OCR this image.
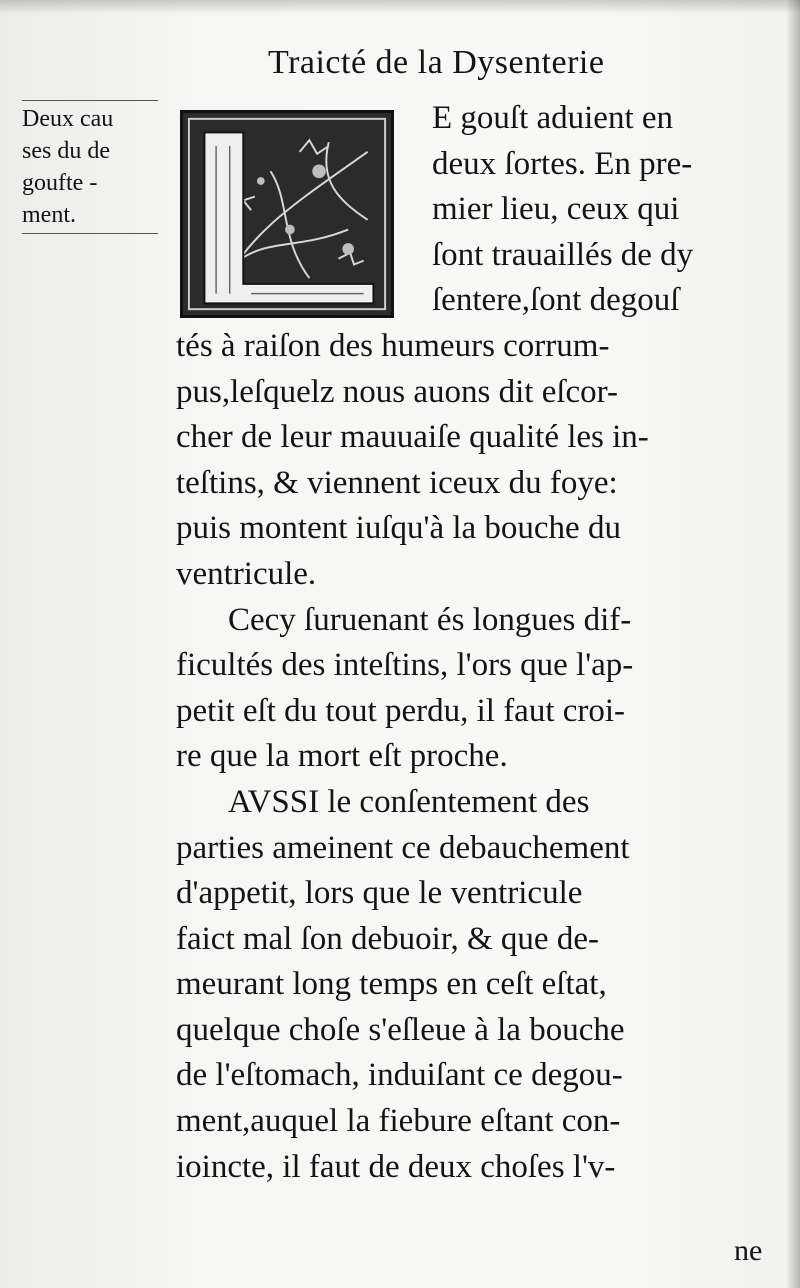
Traicté de la Dysenterie
Deux cau
ses du de
goufte -
ment.
E gouſt aduient en
deux ſortes. En pre-
mier lieu, ceux qui
ſont trauaillés de dy
ſentere,ſont degouſ
tés à raiſon des humeurs corrum-
pus,leſquelz nous auons dit eſcor-
cher de leur mauuaiſe qualité les in-
teſtins, & viennent iceux du foye:
puis montent iuſqu'à la bouche du
ventricule.
Cecy ſuruenant és longues dif-
ficultés des inteſtins, l'ors que l'ap-
petit eſt du tout perdu, il faut croi-
re que la mort eſt proche.
AVSSI le conſentement des
parties ameinent ce debauchement
d'appetit, lors que le ventricule
faict mal ſon debuoir, & que de-
meurant long temps en ceſt eſtat,
quelque choſe s'eſleue à la bouche
de l'eſtomach, induiſant ce degou-
ment,auquel la fiebure eſtant con-
ioincte, il faut de deux choſes l'v-
ne
